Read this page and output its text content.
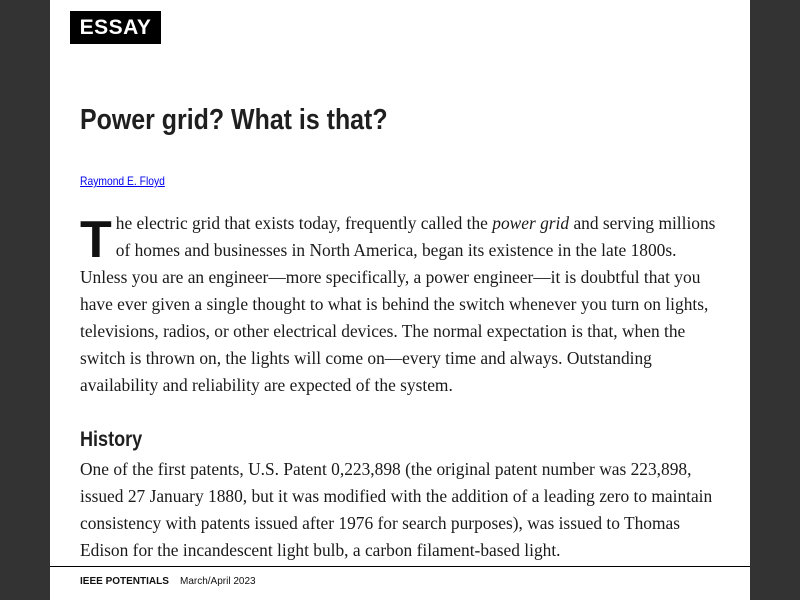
ESSAY
Power grid? What is that?
Raymond E. Floyd

The electric grid that exists today, frequently called the power grid and serving millions of homes and businesses in North America, began its existence in the late 1800s. Unless you are an engineer—more specifically, a power engineer—it is doubtful that you have ever given a single thought to what is behind the switch whenever you turn on lights, televisions, radios, or other electrical devices. The normal expectation is that, when the switch is thrown on, the lights will come on—every time and always. Outstanding availability and reliability are expected of the system.

History

One of the first patents, U.S. Patent 0,223,898 (the original patent number was 223,898, issued 27 January 1880, but it was modified with the addition of a leading zero to maintain consistency with patents issued after 1976 for search purposes), was issued to Thomas Edison for the incandescent light bulb, a carbon filament-based light.

IEEE POTENTIALS March/April 2023
